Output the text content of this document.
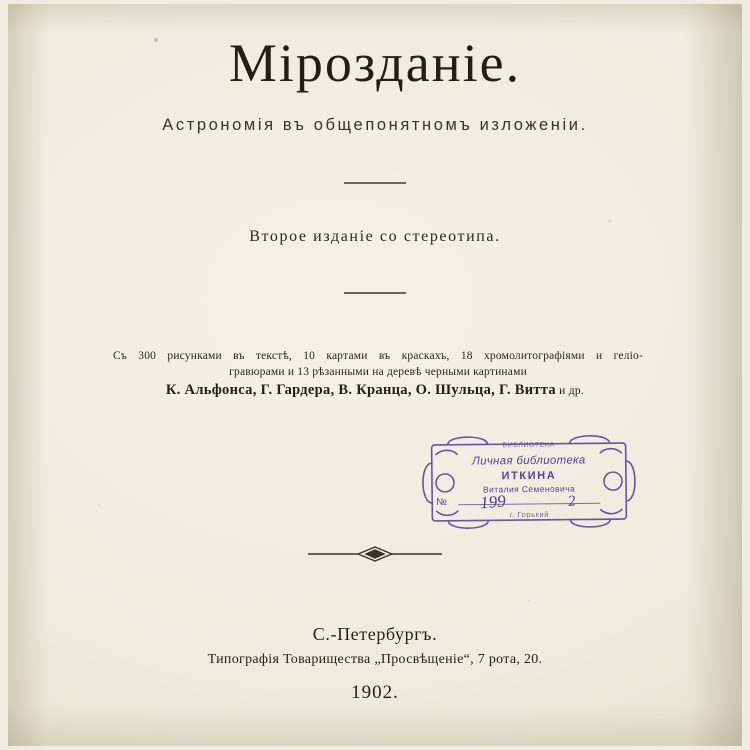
Мірозданіе.
Астрономія въ общепонятномъ изложеніи.
Второе изданіе со стереотипа.
Съ 300 рисунками въ текстѣ, 10 картами въ краскахъ, 18 хромолитографіями и геліо-
гравюрами и 13 рѣзанными на деревѣ черными картинами
К. Альфонса, Г. Гардера, В. Кранца, О. Шульца, Г. Витта и др.
БИБЛИОТЕКА
Личная библиотека
ИТКИНА
Виталия Семеновича
№	199	2
г. Горький
С.-Петербургъ.
Типографія Товарищества „Просвѣщеніе“, 7 рота, 20.
1902.
